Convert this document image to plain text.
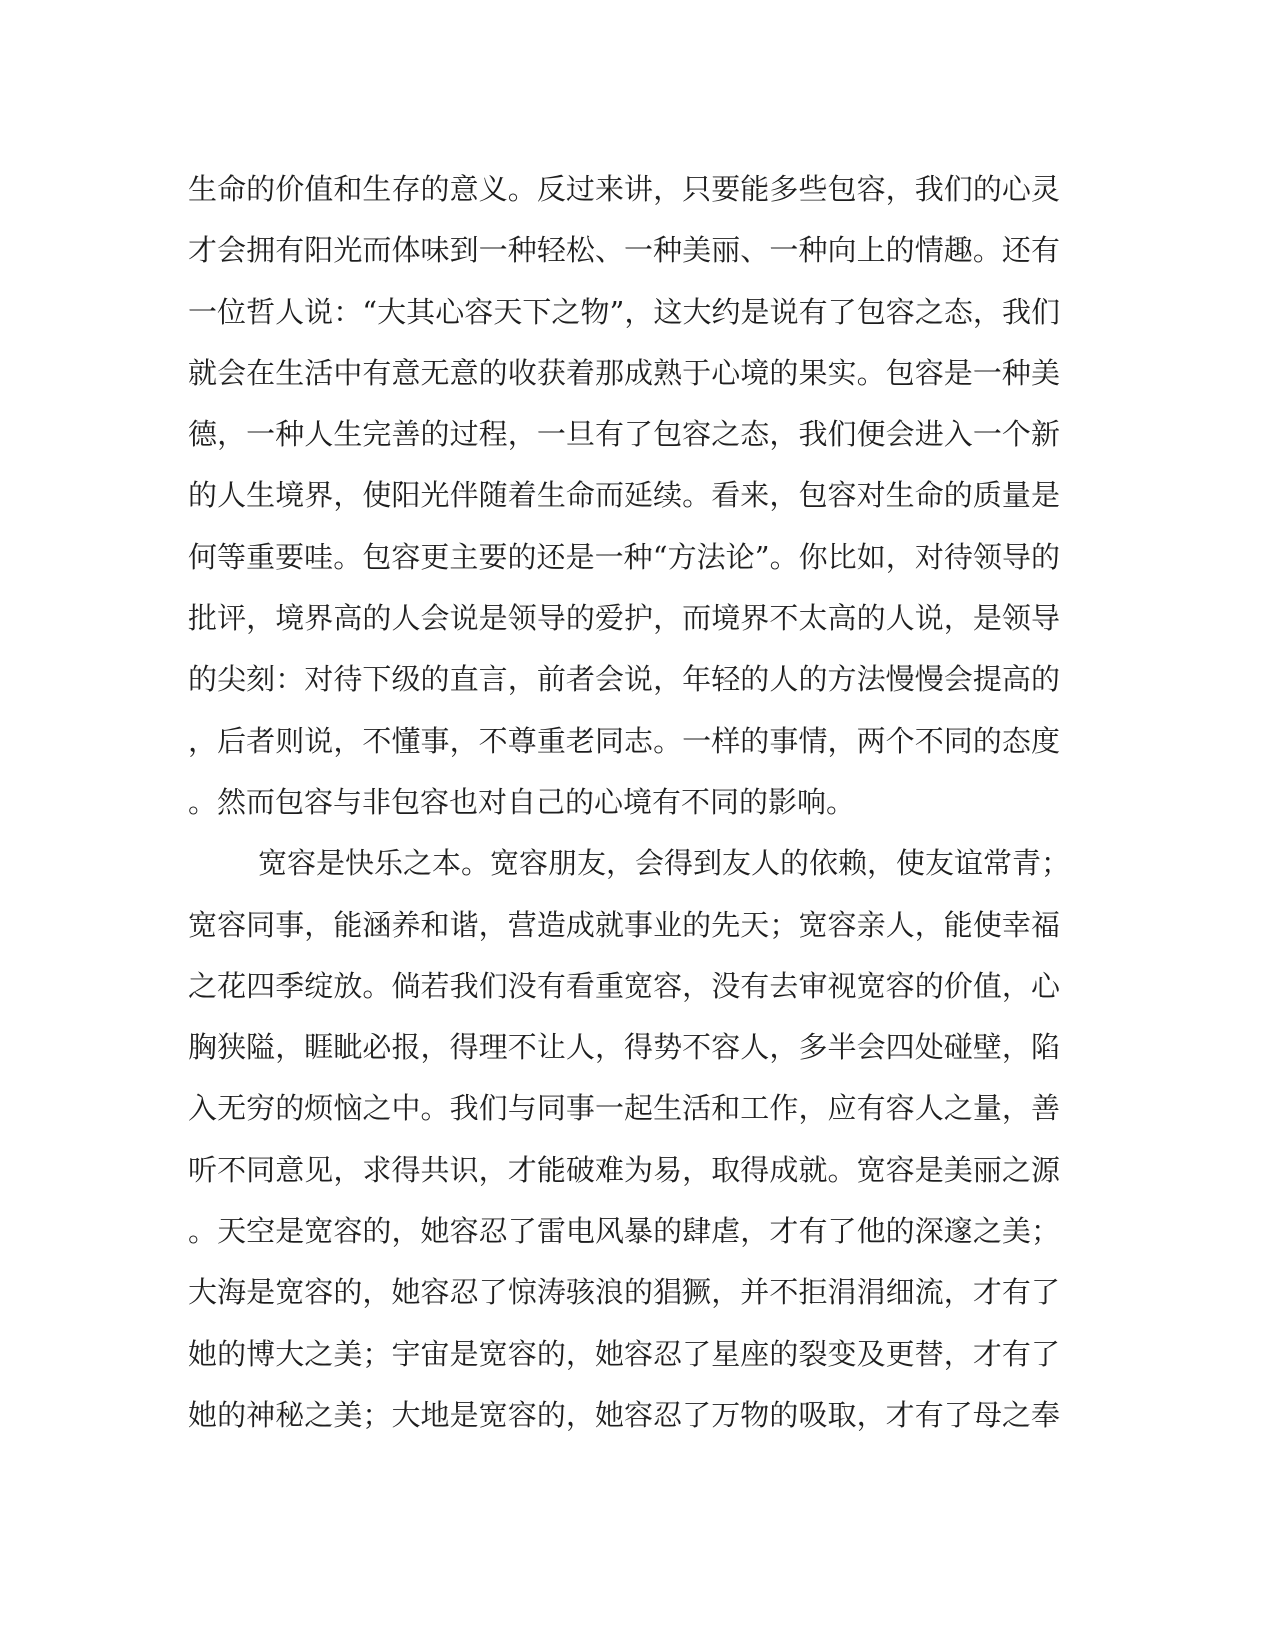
生命的价值和生存的意义。反过来讲，只要能多些包容，我们的心灵
才会拥有阳光而体味到一种轻松、一种美丽、一种向上的情趣。还有
一位哲人说：“大其心容天下之物”，这大约是说有了包容之态，我们
就会在生活中有意无意的收获着那成熟于心境的果实。包容是一种美
德，一种人生完善的过程，一旦有了包容之态，我们便会进入一个新
的人生境界，使阳光伴随着生命而延续。看来，包容对生命的质量是
何等重要哇。包容更主要的还是一种“方法论”。你比如，对待领导的
批评，境界高的人会说是领导的爱护，而境界不太高的人说，是领导
的尖刻：对待下级的直言，前者会说，年轻的人的方法慢慢会提高的
，后者则说，不懂事，不尊重老同志。一样的事情，两个不同的态度
。然而包容与非包容也对自己的心境有不同的影响。
宽容是快乐之本。宽容朋友，会得到友人的依赖，使友谊常青；
宽容同事，能涵养和谐，营造成就事业的先天；宽容亲人，能使幸福
之花四季绽放。倘若我们没有看重宽容，没有去审视宽容的价值，心
胸狭隘，睚眦必报，得理不让人，得势不容人，多半会四处碰壁，陷
入无穷的烦恼之中。我们与同事一起生活和工作，应有容人之量，善
听不同意见，求得共识，才能破难为易，取得成就。宽容是美丽之源
。天空是宽容的，她容忍了雷电风暴的肆虐，才有了他的深邃之美；
大海是宽容的，她容忍了惊涛骇浪的猖獗，并不拒涓涓细流，才有了
她的博大之美；宇宙是宽容的，她容忍了星座的裂变及更替，才有了
她的神秘之美；大地是宽容的，她容忍了万物的吸取，才有了母之奉
